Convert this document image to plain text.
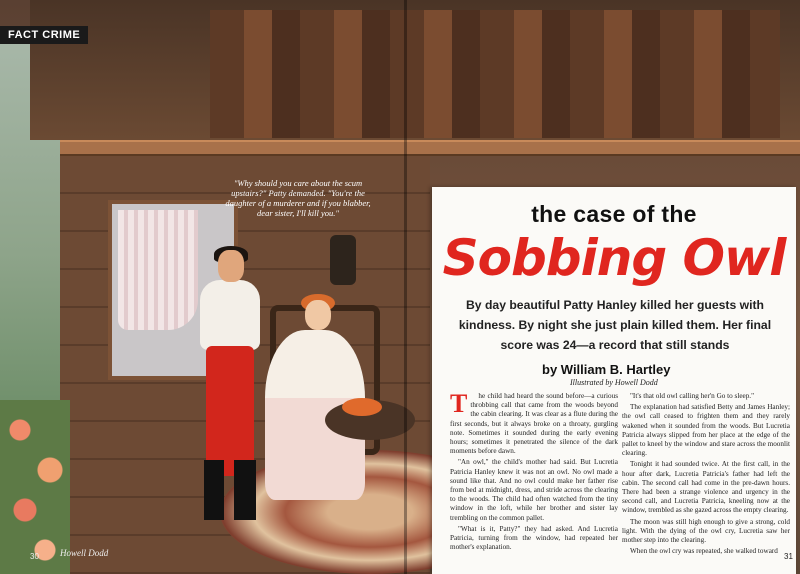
FACT CRIME
"Why should you care about the scum upstairs?" Patty demanded. "You're the daughter of a murderer and if you blabber, dear sister, I'll kill you."
Howell Dodd
the case of the
Sobbing Owl
By day beautiful Patty Hanley killed her guests with kindness. By night she just plain killed them. Her final score was 24—a record that still stands
by William B. Hartley
Illustrated by Howell Dodd

T he child had heard the sound before—a curious throbbing call that came from the woods beyond the cabin clearing. It was clear as a flute during the first seconds, but it always broke on a throaty, gurgling note. Sometimes it sounded during the early evening hours; sometimes it penetrated the silence of the dark moments before dawn.

"An owl," the child's mother had said. But Lucretia Patricia Hanley knew it was not an owl. No owl made a sound like that. And no owl could make her father rise from bed at midnight, dress, and stride across the clearing to the woods. The child had often watched from the tiny window in the loft, while her brother and sister lay trembling on the common pallet.

"What is it, Patty?" they had asked. And Lucretia Patricia, turning from the window, had repeated her mother's explanation.

"It's that old owl calling her'n Go to sleep."

The explanation had satisfied Betty and James Hanley; the owl call ceased to frighten them and they rarely wakened when it sounded from the woods. But Lucretia Patricia always slipped from her place at the edge of the pallet to kneel by the window and stare across the moonlit clearing.

Tonight it had sounded twice. At the first call, in the hour after dark, Lucretia Patricia's father had left the cabin. The second call had come in the pre-dawn hours. There had been a strange violence and urgency in the second call, and Lucretia Patricia, kneeling now at the window, trembled as she gazed across the empty clearing.

The moon was still high enough to give a strong, cold light. With the dying of the owl cry, Lucretia saw her mother step into the clearing.

When the owl cry was repeated, she walked toward

30	31
